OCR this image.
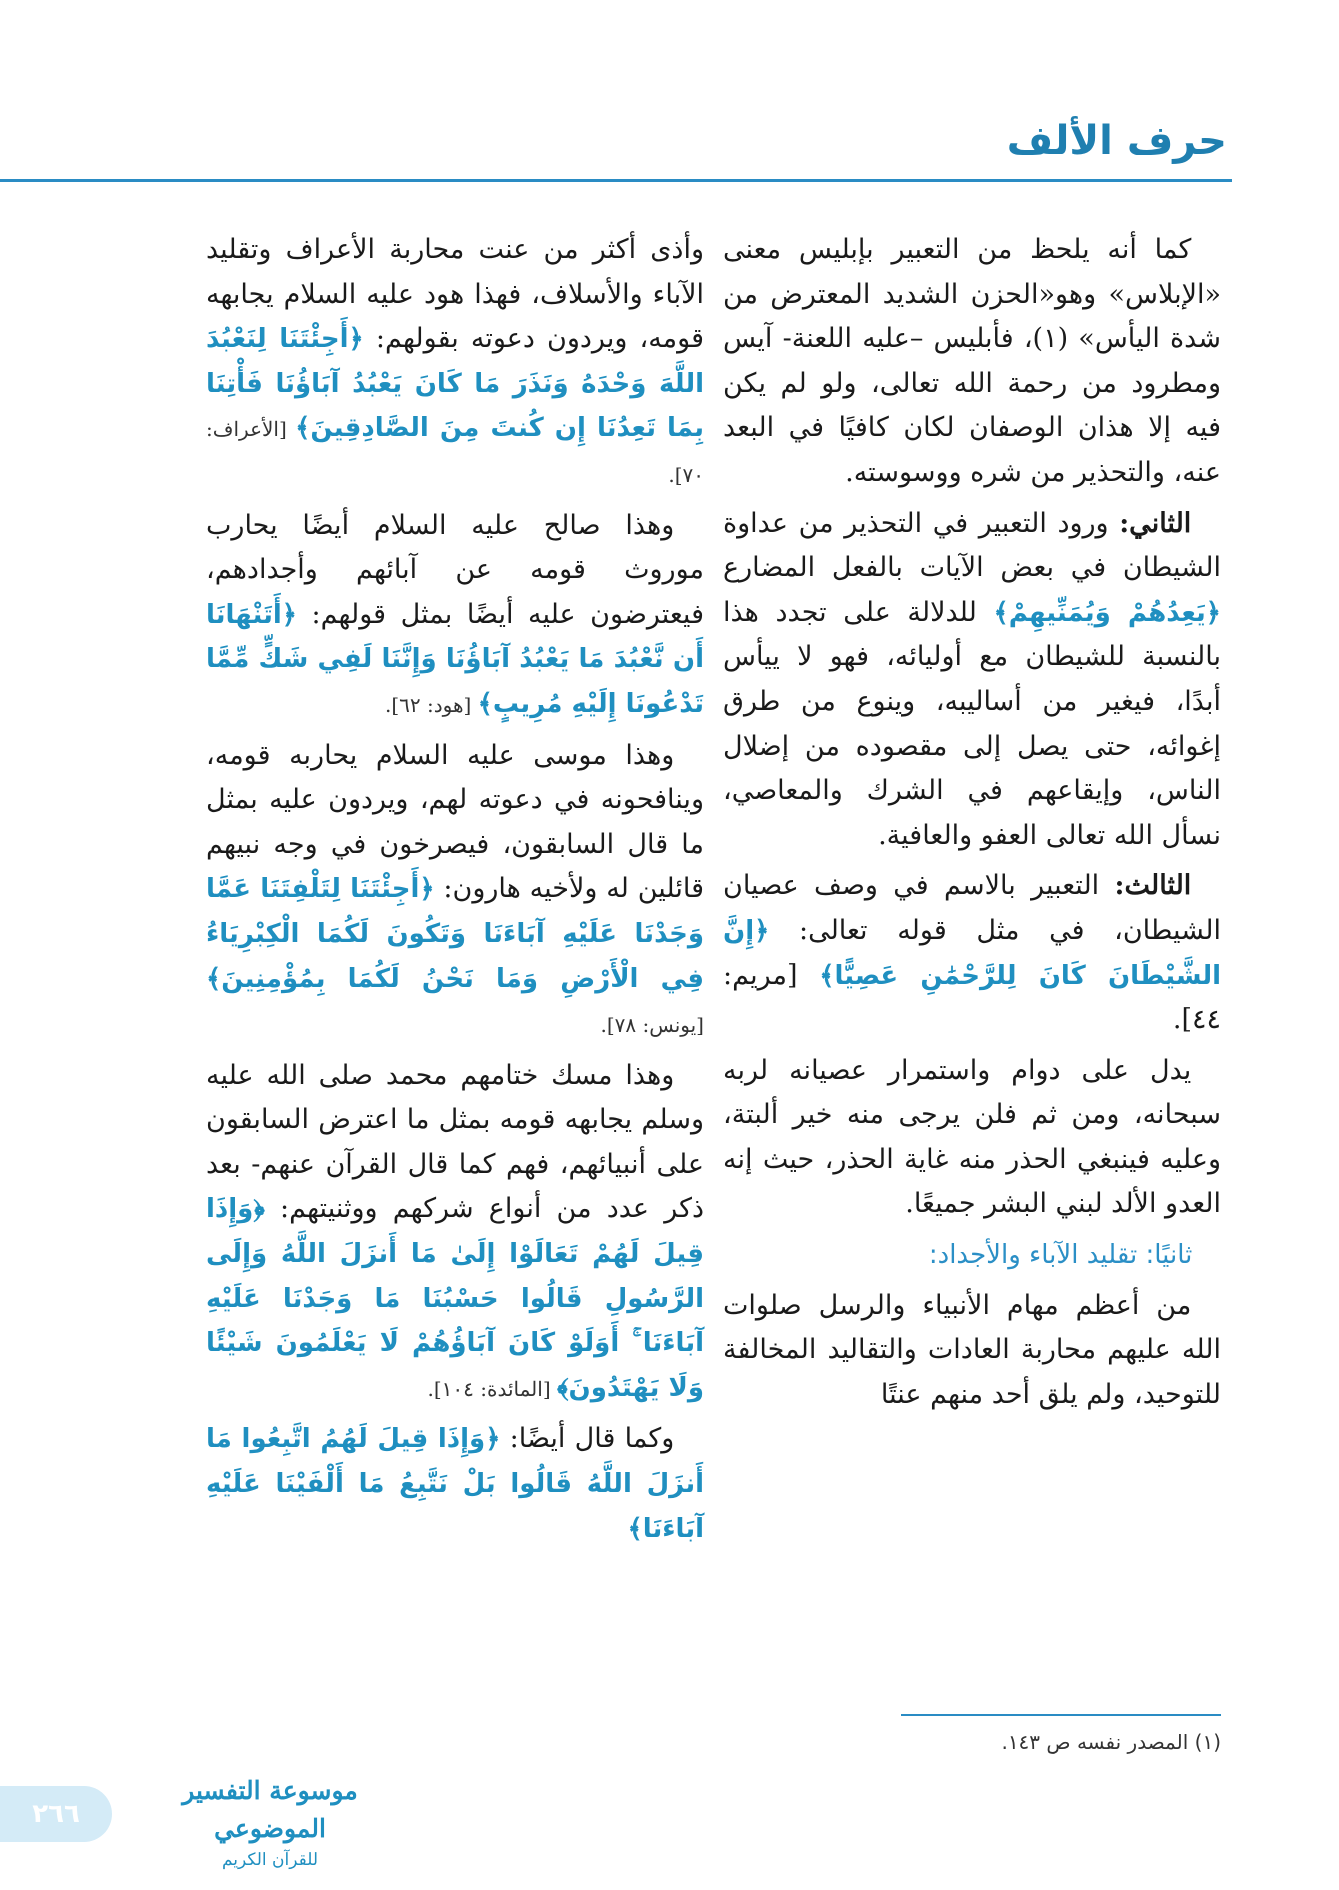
حرف الألف

كما أنه يلحظ من التعبير بإبليس معنى «الإبلاس» وهو«الحزن الشديد المعترض من شدة اليأس» (١)، فأبليس –عليه اللعنة- آيس ومطرود من رحمة الله تعالى، ولو لم يكن فيه إلا هذان الوصفان لكان كافيًا في البعد عنه، والتحذير من شره ووسوسته.

الثاني: ورود التعبير في التحذير من عداوة الشيطان في بعض الآيات بالفعل المضارع ﴿يَعِدُهُمْ وَيُمَنِّيهِمْ﴾ للدلالة على تجدد هذا بالنسبة للشيطان مع أوليائه، فهو لا ييأس أبدًا، فيغير من أساليبه، وينوع من طرق إغوائه، حتى يصل إلى مقصوده من إضلال الناس، وإيقاعهم في الشرك والمعاصي، نسأل الله تعالى العفو والعافية.

الثالث: التعبير بالاسم في وصف عصيان الشيطان، في مثل قوله تعالى: ﴿إِنَّ الشَّيْطَانَ كَانَ لِلرَّحْمَٰنِ عَصِيًّا﴾ [مريم: ٤٤].

يدل على دوام واستمرار عصيانه لربه سبحانه، ومن ثم فلن يرجى منه خير ألبتة، وعليه فينبغي الحذر منه غاية الحذر، حيث إنه العدو الألد لبني البشر جميعًا.

ثانيًا: تقليد الآباء والأجداد:

من أعظم مهام الأنبياء والرسل صلوات الله عليهم محاربة العادات والتقاليد المخالفة للتوحيد، ولم يلق أحد منهم عنتًا

وأذى أكثر من عنت محاربة الأعراف وتقليد الآباء والأسلاف، فهذا هود عليه السلام يجابهه قومه، ويردون دعوته بقولهم: ﴿أَجِئْتَنَا لِنَعْبُدَ اللَّهَ وَحْدَهُ وَنَذَرَ مَا كَانَ يَعْبُدُ آبَاؤُنَا فَأْتِنَا بِمَا تَعِدُنَا إِن كُنتَ مِنَ الصَّادِقِينَ﴾ [الأعراف: ٧٠].

وهذا صالح عليه السلام أيضًا يحارب موروث قومه عن آبائهم وأجدادهم، فيعترضون عليه أيضًا بمثل قولهم: ﴿أَتَنْهَانَا أَن نَّعْبُدَ مَا يَعْبُدُ آبَاؤُنَا وَإِنَّنَا لَفِي شَكٍّ مِّمَّا تَدْعُونَا إِلَيْهِ مُرِيبٍ﴾ [هود: ٦٢].

وهذا موسى عليه السلام يحاربه قومه، وينافحونه في دعوته لهم، ويردون عليه بمثل ما قال السابقون، فيصرخون في وجه نبيهم قائلين له ولأخيه هارون: ﴿أَجِئْتَنَا لِتَلْفِتَنَا عَمَّا وَجَدْنَا عَلَيْهِ آبَاءَنَا وَتَكُونَ لَكُمَا الْكِبْرِيَاءُ فِي الْأَرْضِ وَمَا نَحْنُ لَكُمَا بِمُؤْمِنِينَ﴾ [يونس: ٧٨].

وهذا مسك ختامهم محمد صلى الله عليه وسلم يجابهه قومه بمثل ما اعترض السابقون على أنبيائهم، فهم كما قال القرآن عنهم- بعد ذكر عدد من أنواع شركهم ووثنيتهم: ﴿وَإِذَا قِيلَ لَهُمْ تَعَالَوْا إِلَىٰ مَا أَنزَلَ اللَّهُ وَإِلَى الرَّسُولِ قَالُوا حَسْبُنَا مَا وَجَدْنَا عَلَيْهِ آبَاءَنَا ۚ أَوَلَوْ كَانَ آبَاؤُهُمْ لَا يَعْلَمُونَ شَيْئًا وَلَا يَهْتَدُونَ﴾ [المائدة: ١٠٤].

وكما قال أيضًا: ﴿وَإِذَا قِيلَ لَهُمُ اتَّبِعُوا مَا أَنزَلَ اللَّهُ قَالُوا بَلْ نَتَّبِعُ مَا أَلْفَيْنَا عَلَيْهِ آبَاءَنَا﴾

(١) المصدر نفسه ص ١٤٣.
٢٦٦
موسوعة التفسير الموضوعي
للقرآن الكريم
